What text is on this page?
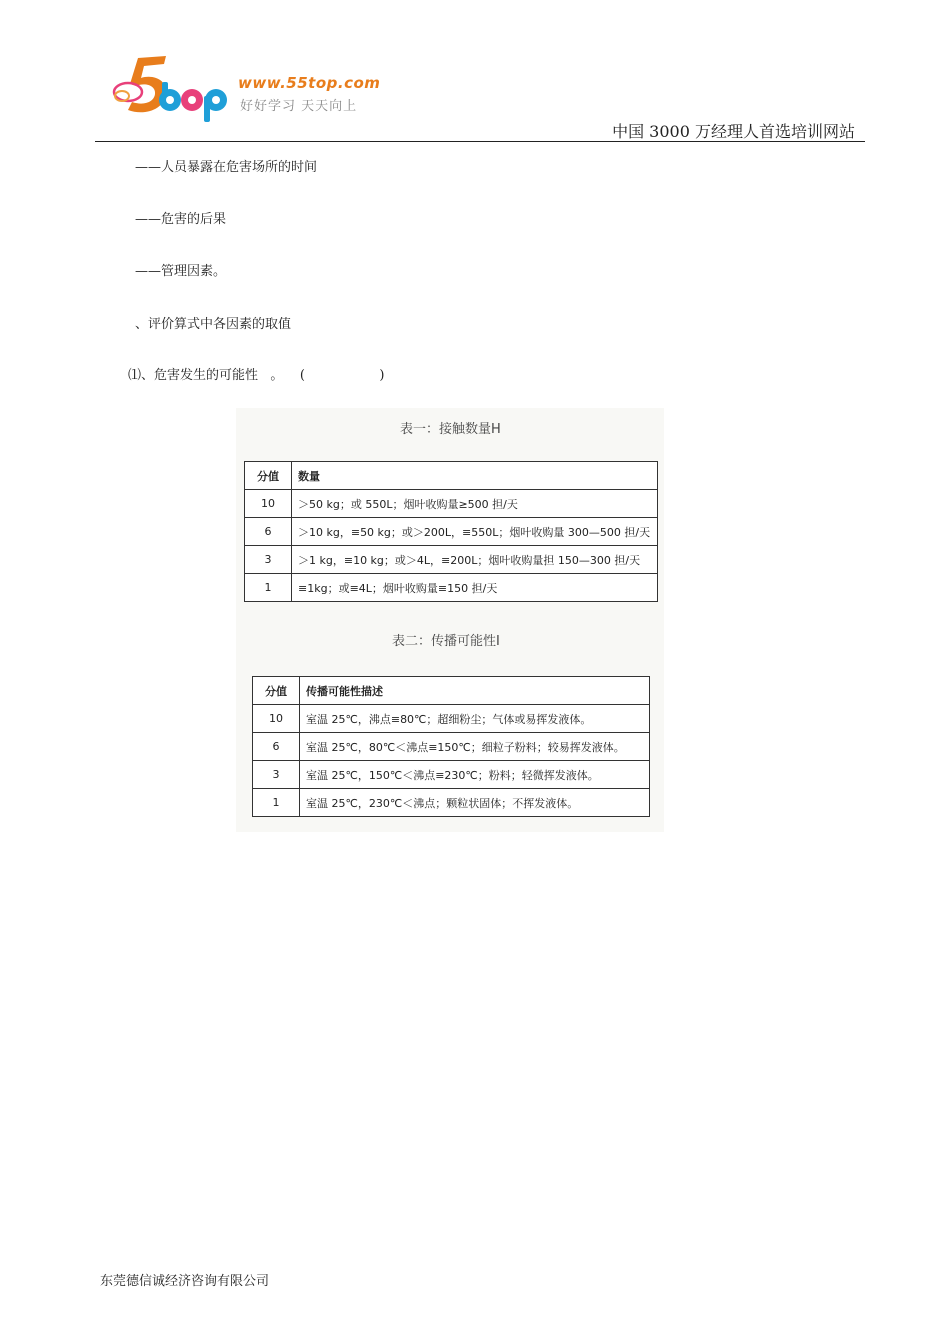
www.55top.com
好好学习 天天向上
中国 3000 万经理人首选培训网站
——人员暴露在危害场所的时间
——危害的后果
——管理因素。
、评价算式中各因素的取值
⑴、危害发生的可能性   。    (                  )
表一：接触数量H
分值	数量
10	＞50 kg；或 550L；烟叶收购量≥500 担/天
6	＞10 kg，≡50 kg；或＞200L，≡550L；烟叶收购量 300—500 担/天
3	＞1 kg，≡10 kg；或＞4L，≡200L；烟叶收购量担 150—300 担/天
1	≡1kg；或≡4L；烟叶收购量≡150 担/天
表二：传播可能性I
分值	传播可能性描述
10	室温 25℃，沸点≡80℃；超细粉尘；气体或易挥发液体。
6	室温 25℃，80℃＜沸点≡150℃；细粒子粉料；较易挥发液体。
3	室温 25℃，150℃＜沸点≡230℃；粉料；轻微挥发液体。
1	室温 25℃，230℃＜沸点；颗粒状固体；不挥发液体。
东莞德信诚经济咨询有限公司
